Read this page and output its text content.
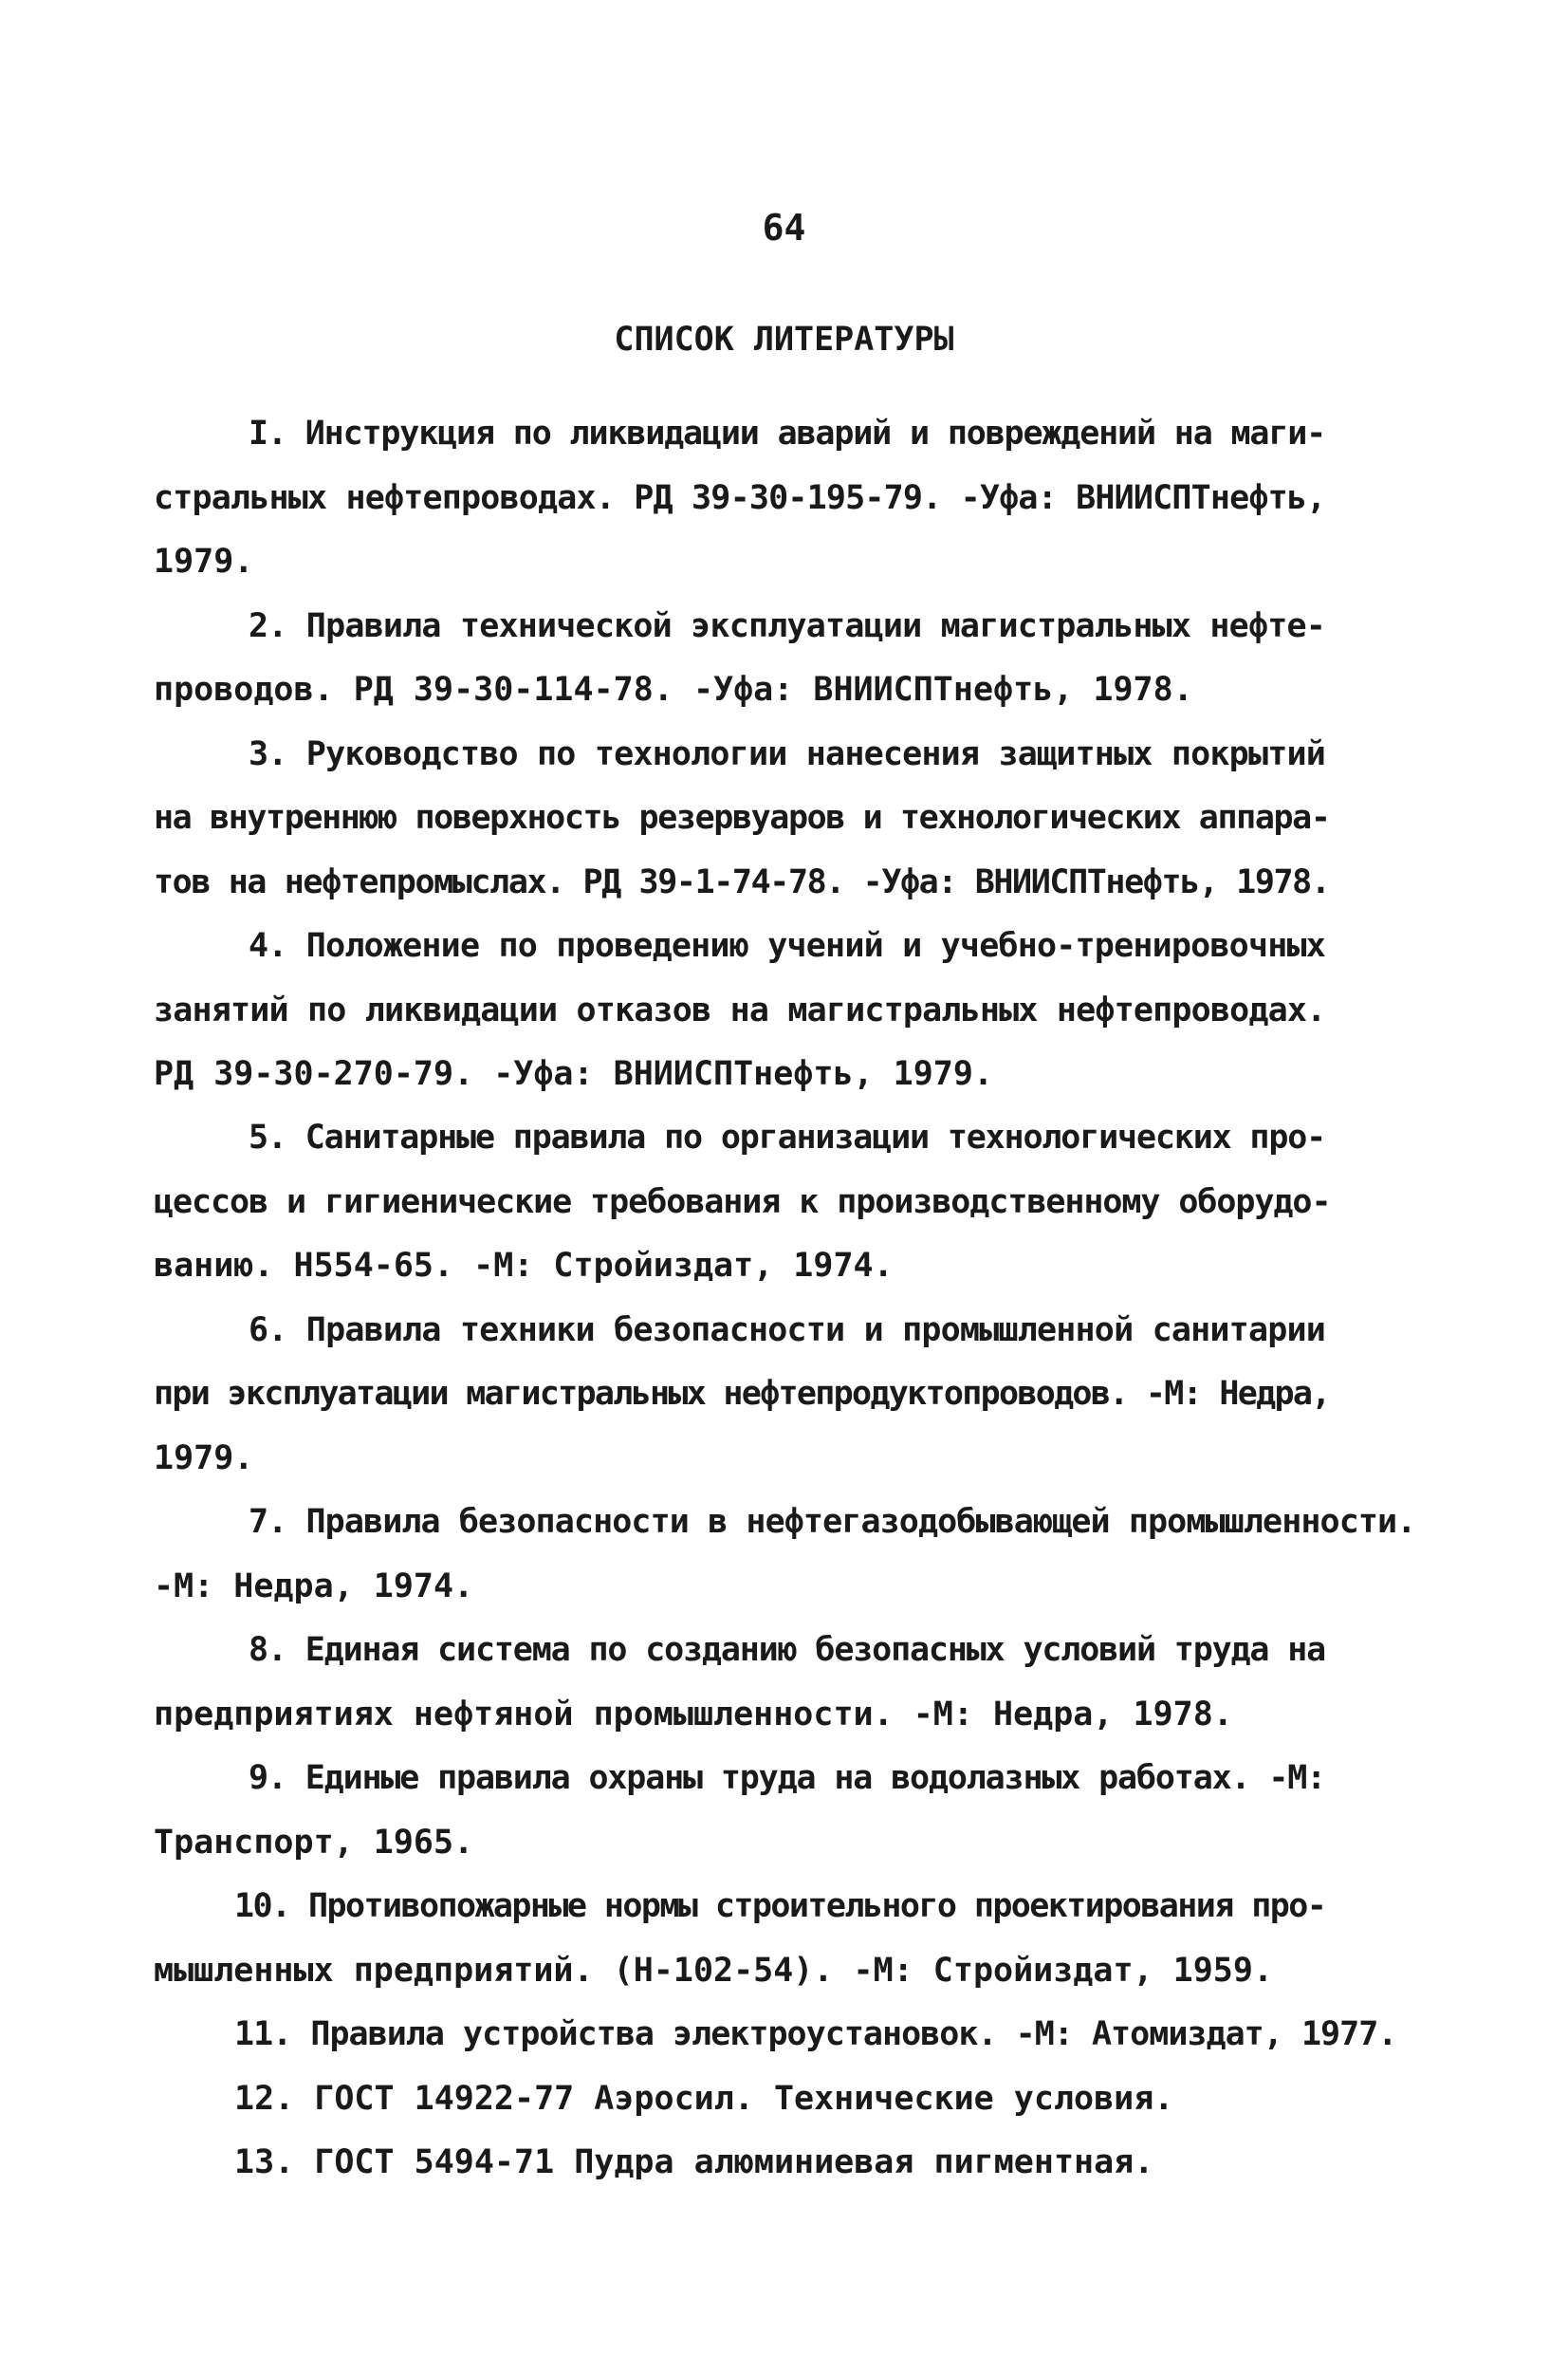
64
СПИСОК ЛИТЕРАТУРЫ
I. Инструкция по ликвидации аварий и повреждений на маги-
стральных нефтепроводах. РД 39-30-195-79. -Уфа: ВНИИСПТнефть,
1979.
2. Правила технической эксплуатации магистральных нефте-
проводов. РД 39-30-114-78. -Уфа: ВНИИСПТнефть, 1978.
3. Руководство по технологии нанесения защитных покрытий
на внутреннюю поверхность резервуаров и технологических аппара-
тов на нефтепромыслах. РД 39-1-74-78. -Уфа: ВНИИСПТнефть, 1978.
4. Положение по проведению учений и учебно-тренировочных
занятий по ликвидации отказов на магистральных нефтепроводах.
РД 39-30-270-79. -Уфа: ВНИИСПТнефть, 1979.
5. Санитарные правила по организации технологических про-
цессов и гигиенические требования к производственному оборудо-
ванию. Н554-65. -М: Стройиздат, 1974.
6. Правила техники безопасности и промышленной санитарии
при эксплуатации магистральных нефтепродуктопроводов. -М: Недра,
1979.
7. Правила безопасности в нефтегазодобывающей промышленности.
-М: Недра, 1974.
8. Единая система по созданию безопасных условий труда на
предприятиях нефтяной промышленности. -М: Недра, 1978.
9. Единые правила охраны труда на водолазных работах. -М:
Транспорт, 1965.
10. Противопожарные нормы строительного проектирования про-
мышленных предприятий. (Н-102-54). -М: Стройиздат, 1959.
11. Правила устройства электроустановок. -М: Атомиздат, 1977.
12. ГОСТ 14922-77 Аэросил. Технические условия.
13. ГОСТ 5494-71 Пудра алюминиевая пигментная.
